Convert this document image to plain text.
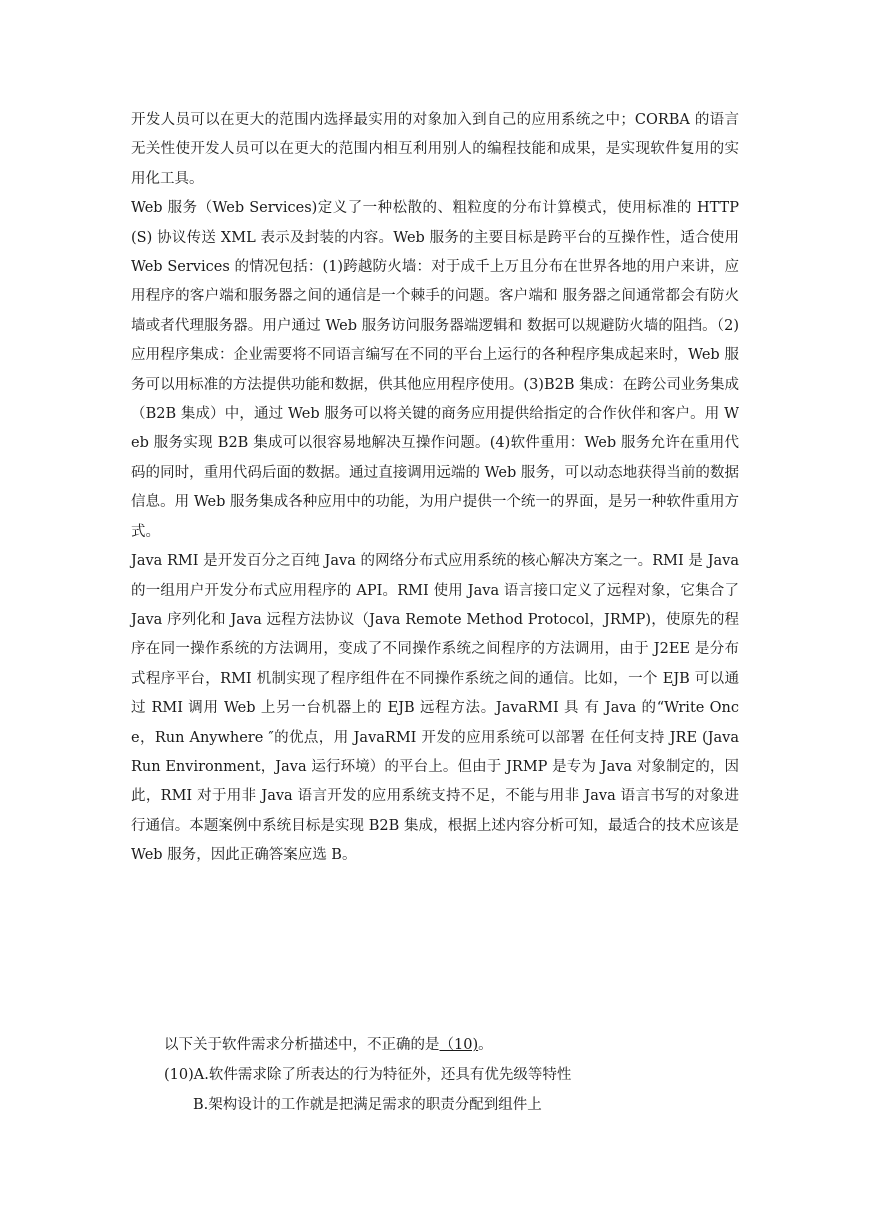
开发人员可以在更大的范围内选择最实用的对象加入到自己的应用系统之中；CORBA 的语言无关性使开发人员可以在更大的范围内相互利用别人的编程技能和成果，是实现软件复用的实用化工具。

Web 服务（Web Services)定义了一种松散的、粗粒度的分布计算模式，使用标准的 HTTP (S) 协议传送 XML 表示及封装的内容。Web 服务的主要目标是跨平台的互操作性，适合使用 Web Services 的情况包括：(1)跨越防火墙：对于成千上万且分布在世界各地的用户来讲，应用程序的客户端和服务器之间的通信是一个棘手的问题。客户端和 服务器之间通常都会有防火墙或者代理服务器。用户通过 Web 服务访问服务器端逻辑和 数据可以规避防火墙的阻挡。（2)应用程序集成：企业需要将不同语言编写在不同的平台上运行的各种程序集成起来时，Web 服务可以用标准的方法提供功能和数据，供其他应用程序使用。(3)B2B 集成：在跨公司业务集成（B2B 集成）中，通过 Web 服务可以将关键的商务应用提供给指定的合作伙伴和客户。用 Web 服务实现 B2B 集成可以很容易地解决互操作问题。(4)软件重用：Web 服务允许在重用代码的同时，重用代码后面的数据。通过直接调用远端的 Web 服务，可以动态地获得当前的数据信息。用 Web 服务集成各种应用中的功能，为用户提供一个统一的界面，是另一种软件重用方式。

Java RMI 是开发百分之百纯 Java 的网络分布式应用系统的核心解决方案之一。RMI 是 Java 的一组用户开发分布式应用程序的 API。RMI 使用 Java 语言接口定义了远程对象，它集合了 Java 序列化和 Java 远程方法协议（Java Remote Method Protocol，JRMP)，使原先的程序在同一操作系统的方法调用，变成了不同操作系统之间程序的方法调用，由于 J2EE 是分布式程序平台，RMI 机制实现了程序组件在不同操作系统之间的通信。比如，一个 EJB 可以通过 RMI 调用 Web 上另一台机器上的 EJB 远程方法。JavaRMI 具 有 Java 的“Write Once，Run Anywhere ″的优点，用 JavaRMI 开发的应用系统可以部署 在任何支持 JRE (Java Run Environment，Java 运行环境）的平台上。但由于 JRMP 是专为 Java 对象制定的，因此，RMI 对于用非 Java 语言开发的应用系统支持不足，不能与用非 Java 语言书写的对象进行通信。本题案例中系统目标是实现 B2B 集成，根据上述内容分析可知，最适合的技术应该是 Web 服务，因此正确答案应选 B。

以下关于软件需求分析描述中，不正确的是（10)。

(10)A.软件需求除了所表达的行为特征外，还具有优先级等特性

B.架构设计的工作就是把满足需求的职责分配到组件上
